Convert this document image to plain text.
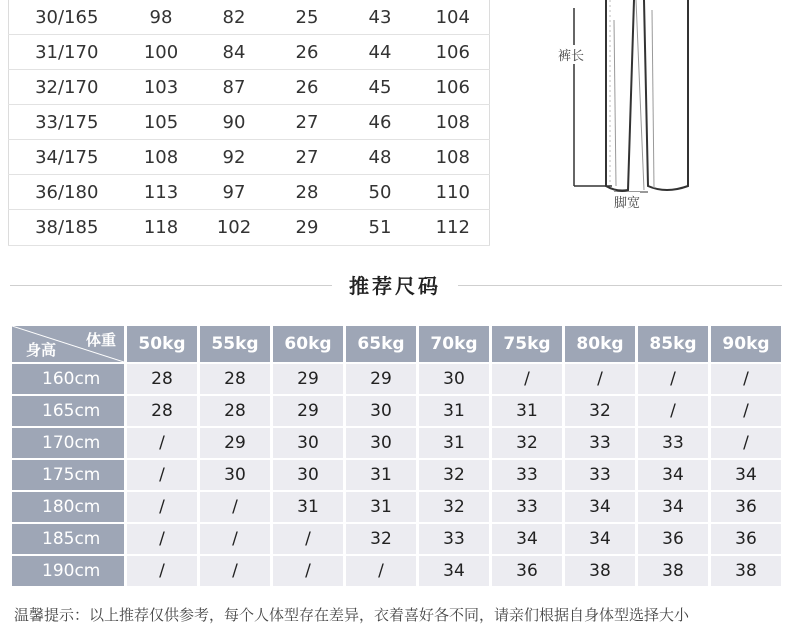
30/165	98	82	25	43	104
31/170	100	84	26	44	106
32/170	103	87	26	45	106
33/175	105	90	27	46	108
34/175	108	92	27	48	108
36/180	113	97	28	50	110
38/185	118	102	29	51	112
裤长
脚宽
推荐尺码
体重
身高	50kg	55kg	60kg	65kg	70kg	75kg	80kg	85kg	90kg
160cm	28	28	29	29	30	/	/	/	/
165cm	28	28	29	30	31	31	32	/	/
170cm	/	29	30	30	31	32	33	33	/
175cm	/	30	30	31	32	33	33	34	34
180cm	/	/	31	31	32	33	34	34	36
185cm	/	/	/	32	33	34	34	36	36
190cm	/	/	/	/	34	36	38	38	38
温馨提示：以上推荐仅供参考，每个人体型存在差异，衣着喜好各不同，请亲们根据自身体型选择大小
